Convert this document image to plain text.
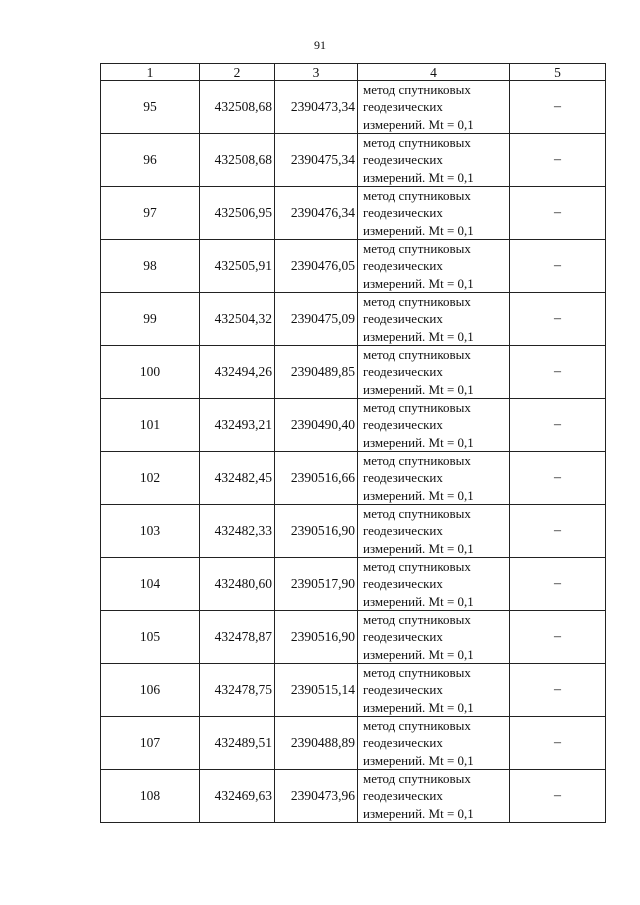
91
1	2	3	4	5
95	432508,68	2390473,34	метод спутниковых
геодезических
измерений. Mt = 0,1	–
96	432508,68	2390475,34	метод спутниковых
геодезических
измерений. Mt = 0,1	–
97	432506,95	2390476,34	метод спутниковых
геодезических
измерений. Mt = 0,1	–
98	432505,91	2390476,05	метод спутниковых
геодезических
измерений. Mt = 0,1	–
99	432504,32	2390475,09	метод спутниковых
геодезических
измерений. Mt = 0,1	–
100	432494,26	2390489,85	метод спутниковых
геодезических
измерений. Mt = 0,1	–
101	432493,21	2390490,40	метод спутниковых
геодезических
измерений. Mt = 0,1	–
102	432482,45	2390516,66	метод спутниковых
геодезических
измерений. Mt = 0,1	–
103	432482,33	2390516,90	метод спутниковых
геодезических
измерений. Mt = 0,1	–
104	432480,60	2390517,90	метод спутниковых
геодезических
измерений. Mt = 0,1	–
105	432478,87	2390516,90	метод спутниковых
геодезических
измерений. Mt = 0,1	–
106	432478,75	2390515,14	метод спутниковых
геодезических
измерений. Mt = 0,1	–
107	432489,51	2390488,89	метод спутниковых
геодезических
измерений. Mt = 0,1	–
108	432469,63	2390473,96	метод спутниковых
геодезических
измерений. Mt = 0,1	–
